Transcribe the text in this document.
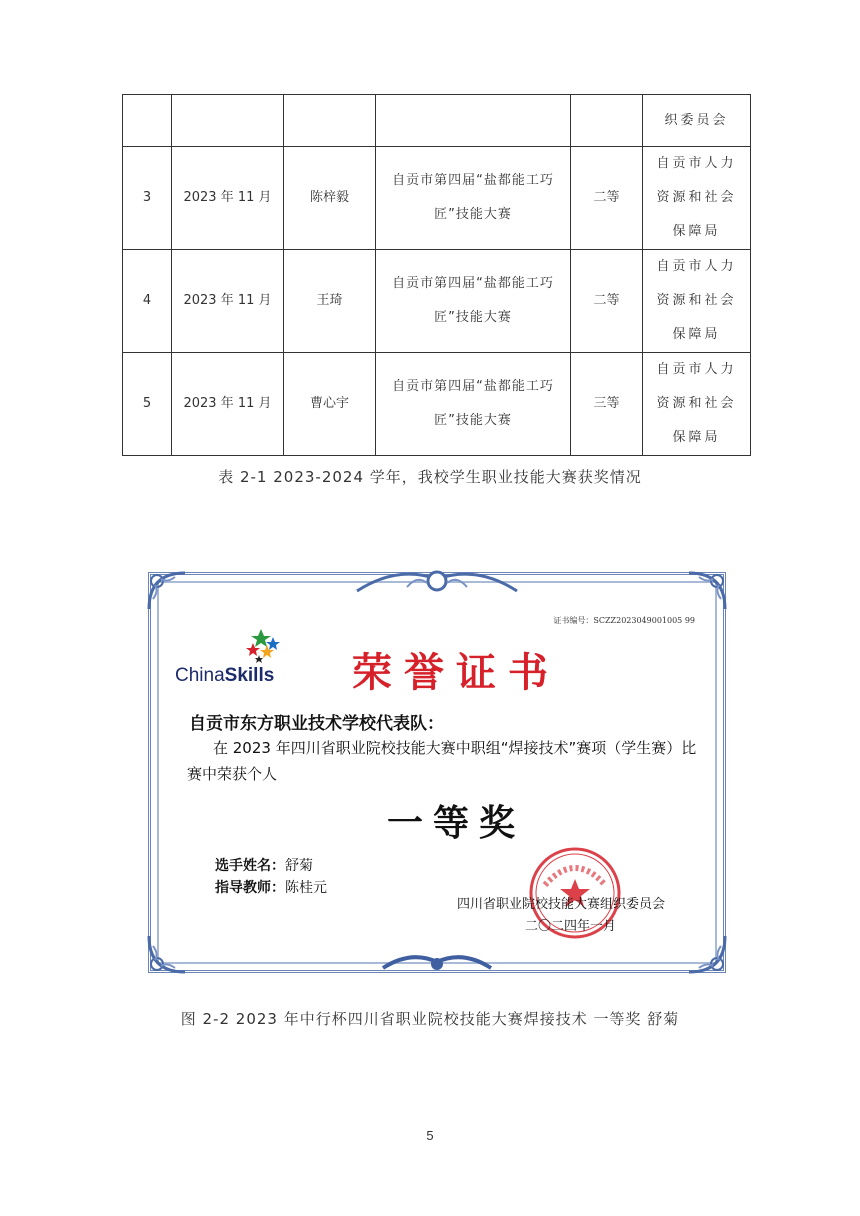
					织委员会
3	2023 年 11 月	陈梓毅	自贡市第四届“盐都能工巧匠”技能大赛	二等	自贡市人力资源和社会保障局
4	2023 年 11 月	王琦	自贡市第四届“盐都能工巧匠”技能大赛	二等	自贡市人力资源和社会保障局
5	2023 年 11 月	曹心宇	自贡市第四届“盐都能工巧匠”技能大赛	三等	自贡市人力资源和社会保障局
表 2-1 2023-2024 学年，我校学生职业技能大赛获奖情况
证书编号：SCZZ2023049001005 99
ChinaSkills 荣誉证书
自贡市东方职业技术学校代表队：
在 2023 年四川省职业院校技能大赛中职组“焊接技术”赛项（学生赛）比赛中荣获个人
一等奖
选手姓名：舒菊
指导教师：陈桂元
四川省职业院校技能大赛组织委员会
二〇二四年一月
图 2-2 2023 年中行杯四川省职业院校技能大赛焊接技术 一等奖 舒菊
5
